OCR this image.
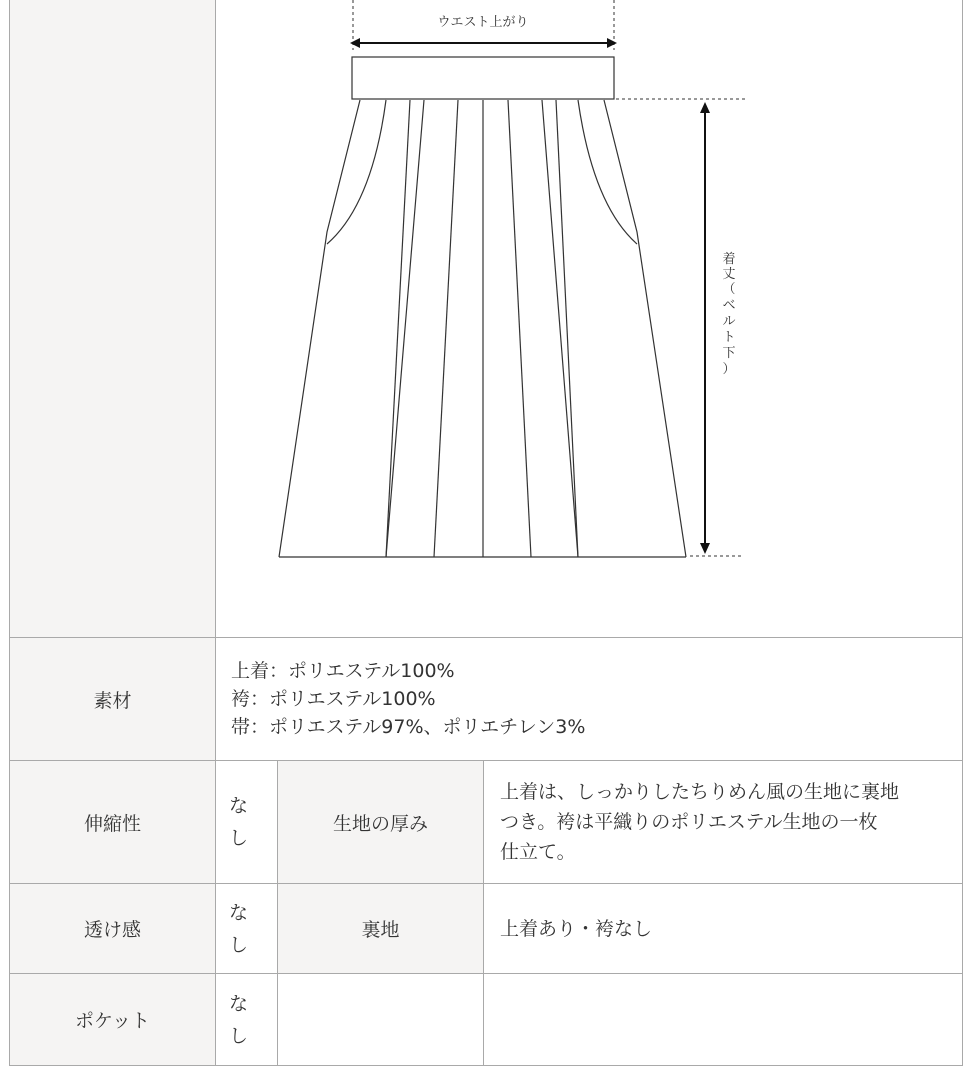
ウエスト上がり
着
丈
（
ベ
ル
ト
下
）
素材
上着：ポリエステル100%
袴：ポリエステル100%
帯：ポリエステル97%、ポリエチレン3%
伸縮性
な
し
生地の厚み
上着は、しっかりしたちりめん風の生地に裏地
つき。袴は平織りのポリエステル生地の一枚
仕立て。
透け感
な
し
裏地	上着あり・袴なし
ポケット
な
し
